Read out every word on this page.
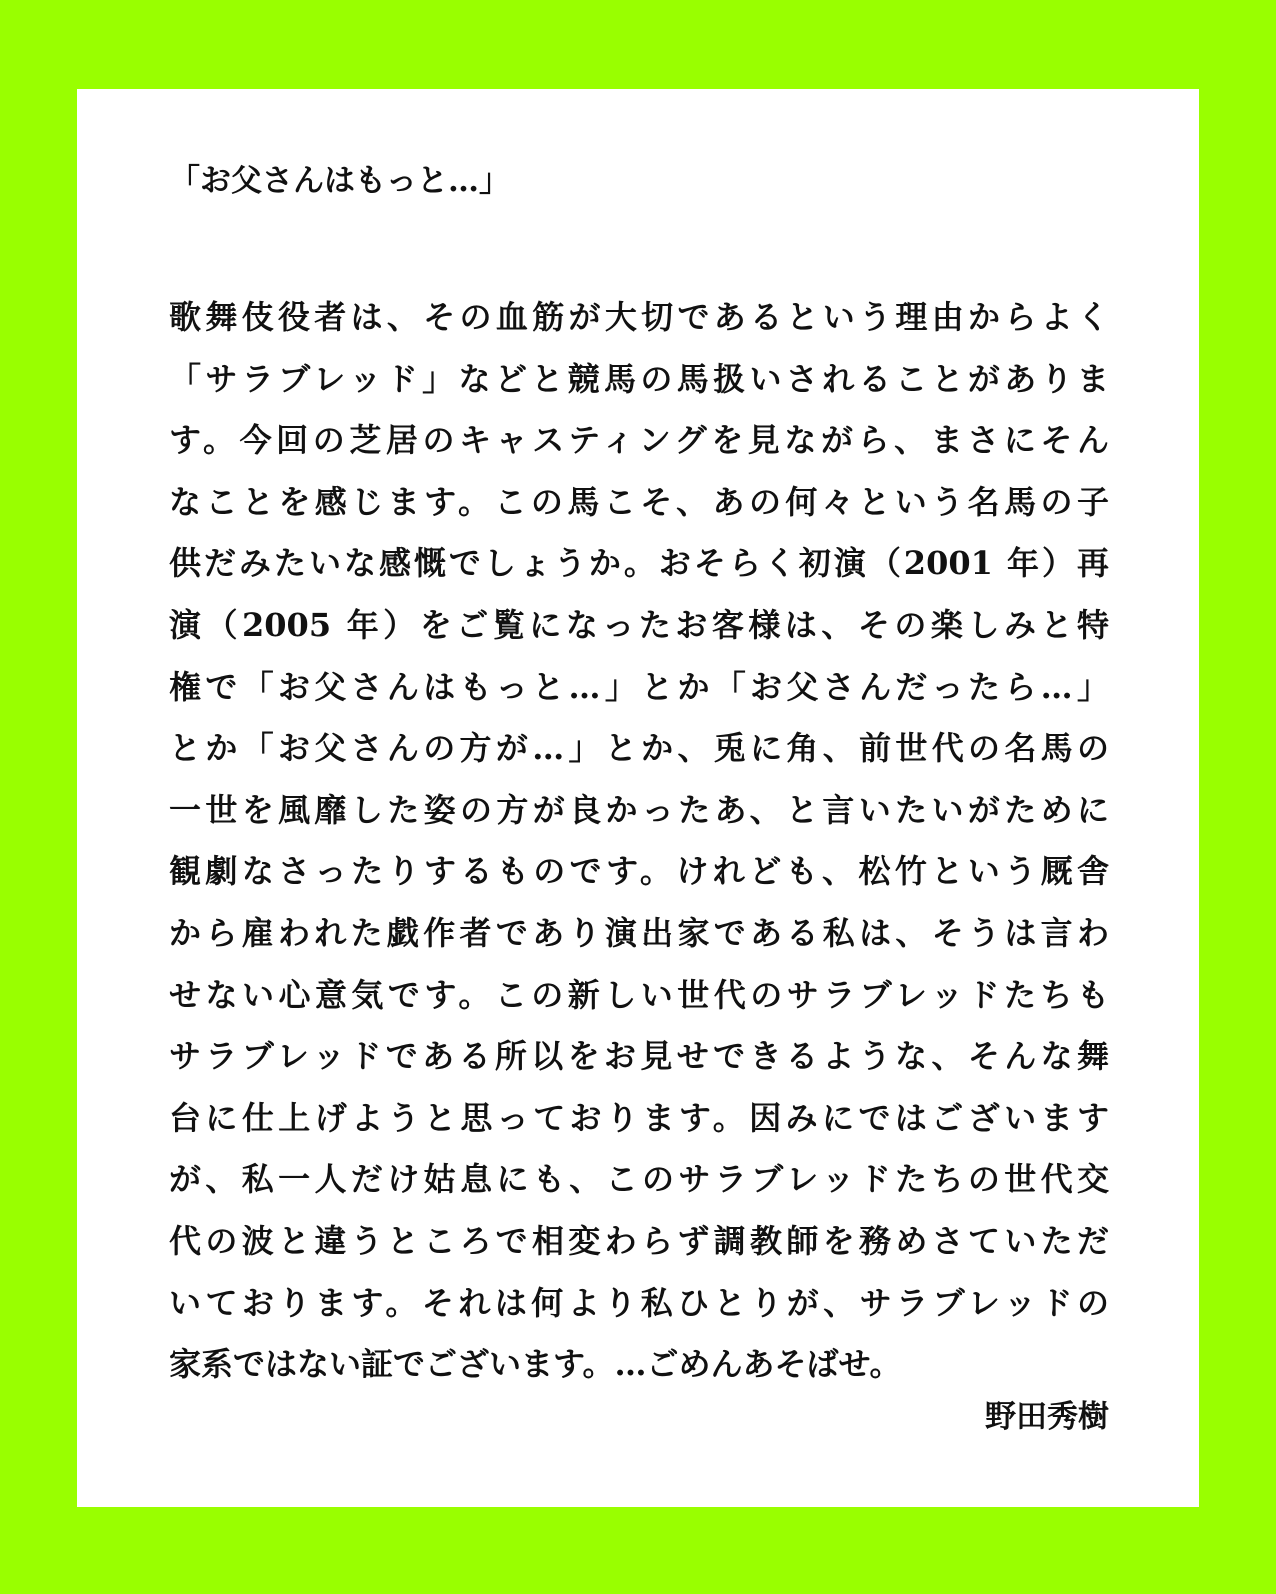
「お父さんはもっと…」
歌舞伎役者は、その血筋が大切であるという理由からよく
「サラブレッド」などと競馬の馬扱いされることがありま
す。今回の芝居のキャスティングを見ながら、まさにそん
なことを感じます。この馬こそ、あの何々という名馬の子
供だみたいな感慨でしょうか。おそらく初演（2001 年）再
演（2005 年）をご覧になったお客様は、その楽しみと特
権で「お父さんはもっと…」とか「お父さんだったら…」
とか「お父さんの方が…」とか、兎に角、前世代の名馬の
一世を風靡した姿の方が良かったあ、と言いたいがために
観劇なさったりするものです。けれども、松竹という厩舎
から雇われた戯作者であり演出家である私は、そうは言わ
せない心意気です。この新しい世代のサラブレッドたちも
サラブレッドである所以をお見せできるような、そんな舞
台に仕上げようと思っております。因みにではございます
が、私一人だけ姑息にも、このサラブレッドたちの世代交
代の波と違うところで相変わらず調教師を務めさていただ
いております。それは何より私ひとりが、サラブレッドの
家系ではない証でございます。…ごめんあそばせ。

野田秀樹
